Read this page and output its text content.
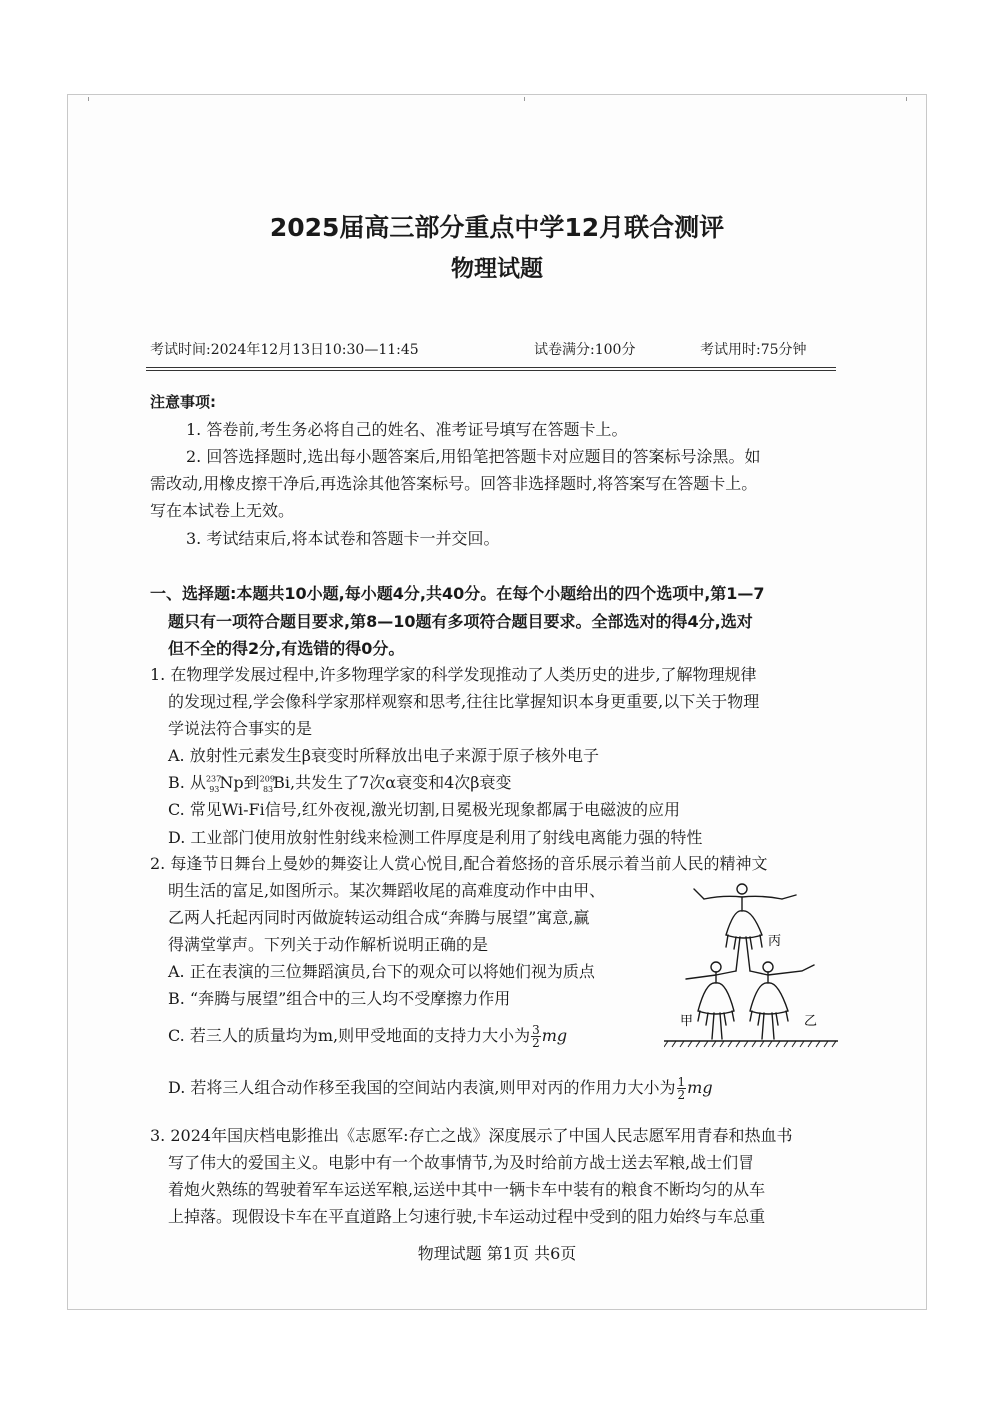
2025届高三部分重点中学12月联合测评
物理试题
考试时间:2024年12月13日10:30—11:45	试卷满分:100分	考试用时:75分钟
注意事项:
1. 答卷前,考生务必将自己的姓名、准考证号填写在答题卡上。
2. 回答选择题时,选出每小题答案后,用铅笔把答题卡对应题目的答案标号涂黑。如
需改动,用橡皮擦干净后,再选涂其他答案标号。回答非选择题时,将答案写在答题卡上。
写在本试卷上无效。
3. 考试结束后,将本试卷和答题卡一并交回。
一、选择题:本题共10小题,每小题4分,共40分。在每个小题给出的四个选项中,第1—7
题只有一项符合题目要求,第8—10题有多项符合题目要求。全部选对的得4分,选对
但不全的得2分,有选错的得0分。
1. 在物理学发展过程中,许多物理学家的科学发现推动了人类历史的进步,了解物理规律
的发现过程,学会像科学家那样观察和思考,往往比掌握知识本身更重要,以下关于物理
学说法符合事实的是
A. 放射性元素发生β衰变时所释放出电子来源于原子核外电子
B. 从$^{237}_{93}$Np到$^{209}_{83}$Bi,共发生了7次α衰变和4次β衰变
C. 常见Wi-Fi信号,红外夜视,激光切割,日冕极光现象都属于电磁波的应用
D. 工业部门使用放射性射线来检测工件厚度是利用了射线电离能力强的特性
2. 每逢节日舞台上曼妙的舞姿让人赏心悦目,配合着悠扬的音乐展示着当前人民的精神文
明生活的富足,如图所示。某次舞蹈收尾的高难度动作中由甲、
乙两人托起丙同时丙做旋转运动组合成“奔腾与展望”寓意,赢
得满堂掌声。下列关于动作解析说明正确的是
A. 正在表演的三位舞蹈演员,台下的观众可以将她们视为质点
B. “奔腾与展望”组合中的三人均不受摩擦力作用
C. 若三人的质量均为m,则甲受地面的支持力大小为 $\frac{3}{2}$ mg
D. 若将三人组合动作移至我国的空间站内表演,则甲对丙的作用力大小为 $\frac{1}{2}$ mg
丙
甲	乙
3. 2024年国庆档电影推出《志愿军:存亡之战》深度展示了中国人民志愿军用青春和热血书
写了伟大的爱国主义。电影中有一个故事情节,为及时给前方战士送去军粮,战士们冒
着炮火熟练的驾驶着军车运送军粮,运送中其中一辆卡车中装有的粮食不断均匀的从车
上掉落。现假设卡车在平直道路上匀速行驶,卡车运动过程中受到的阻力始终与车总重
物理试题 第1页 共6页
